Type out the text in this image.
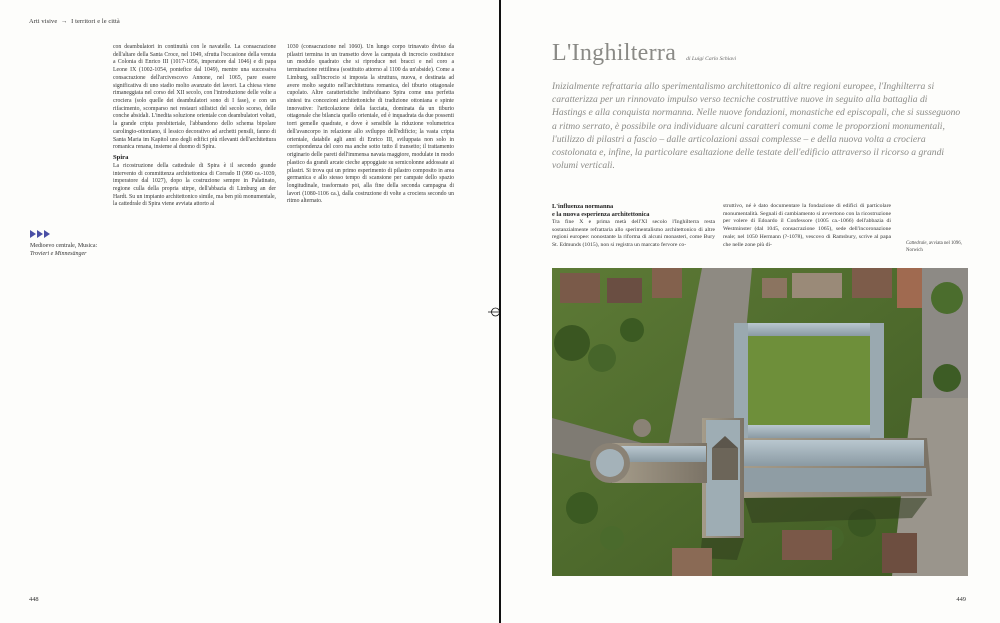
Arti visive → I territori e le città

con deambulatori in continuità con le navatelle. La consacrazione dell'altare della Santa Croce, nel 1049, sfrutta l'occasione della venuta a Colonia di Enrico III (1017-1056, imperatore dal 1046) e di papa Leone IX (1002-1054, pontefice dal 1049), mentre una successiva consacrazione dell'arcivescovo Annone, nel 1065, pare essere significativa di uno stadio molto avanzato dei lavori. La chiesa viene rimaneggiata nel corso del XII secolo, con l'introduzione delle volte a crociera (solo quelle dei deambulatori sono di I fase), e con un rifacimento, scomparso nei restauri stilistici del secolo scorso, delle conche absidali. L'inedita soluzione orientale con deambulatori voltati, la grande cripta presbiteriale, l'abbandono dello schema bipolare carolingio-ottoniano, il lessico decorativo ad archetti pensili, fanno di Santa Maria im Kapitol uno degli edifici più rilevanti dell'architettura romanica renana, insieme al duomo di Spira.

Spira

La ricostruzione della cattedrale di Spira è il secondo grande intervento di committenza architettonica di Corrado II (990 ca.-1039, imperatore dal 1027), dopo la costruzione sempre in Palatinato, regione culla della propria stirpe, dell'abbazia di Limburg an der Hardt. Su un impianto architettonico simile, ma ben più monumentale, la cattedrale di Spira viene avviata attorto al

1030 (consacrazione nel 1060). Un lungo corpo trinavato diviso da pilastri termina in un transetto dove la campata di incrocio costituisce un modulo quadrato che si riproduce nei bracci e nel coro a terminazione rettilinea (sostituito attorno al 1100 da un'abside). Come a Limburg, sull'incrocio si imposta la struttura, nuova, e destinata ad avere molto seguito nell'architettura romanica, del tiburio ottagonale cupolato. Altre caratteristiche individuano Spira come una perfetta sintesi tra concezioni architettoniche di tradizione ottoniana e spinte innovative: l'articolazione della facciata, dominata da un tiburio ottagonale che bilancia quello orientale, ed è inquadrata da due possenti torri gemelle quadrate, e dove è sensibile la riduzione volumetrica dell'avancorpo in relazione allo sviluppo dell'edificio; la vasta cripta orientale, databile agli anni di Enrico III, sviluppata non solo in corrispondenza del coro ma anche sotto tutto il transetto; il trattamento originario delle pareti dell'immensa navata maggiore, modulate in modo plastico da grandi arcate cieche appoggiate su semicolonne addossate ai pilastri. Si trova qui un primo esperimento di pilastro composito in area germanica e allo stesso tempo di scansione per campate dello spazio longitudinale, trasformato poi, alla fine della seconda campagna di lavori (1080-1106 ca.), dalla costruzione di volte a crociera secondo un ritmo alternato.

Medioevo centrale, Musica:
Trovieri e Minnesänger
448
L'Inghilterra di Luigi Carlo Schiavi

Inizialmente refrattaria allo sperimentalismo architettonico di altre regioni europee, l'Inghilterra si caratterizza per un rinnovato impulso verso tecniche costruttive nuove in seguito alla battaglia di Hastings e alla conquista normanna. Nelle nuove fondazioni, monastiche ed episcopali, che si susseguono a ritmo serrato, è possibile ora individuare alcuni caratteri comuni come le proporzioni monumentali, l'utilizzo di pilastri a fascio – dalle articolazioni assai complesse – e della nuova volta a crociera costolonata e, infine, la particolare esaltazione delle testate dell'edificio attraverso il ricorso a grandi volumi verticali.

L'influenza normanna
e la nuova esperienza architettonica

Tra fine X e prima metà dell'XI secolo l'Inghilterra resta sostanzialmente refrattaria allo sperimentalismo architettonico di altre regioni europee: nonostante la riforma di alcuni monasteri, come Bury St. Edmunds (1015), non si registra un marcato fervore co-

struttivo, né è dato documentare la fondazione di edifici di particolare monumentalità. Segnali di cambiamento si avvertono con la ricostruzione per volere di Edoardo il Confessore (1005 ca.-1066) dell'abbazia di Westminster (dal 1045, consacrazione 1065), sede dell'incoronazione reale; nel 1050 Hermann (?-1078), vescovo di Ramsbury, scrive al papa che nelle zone più di-	Cattedrale, avviata nel 1096, Norwich
449
